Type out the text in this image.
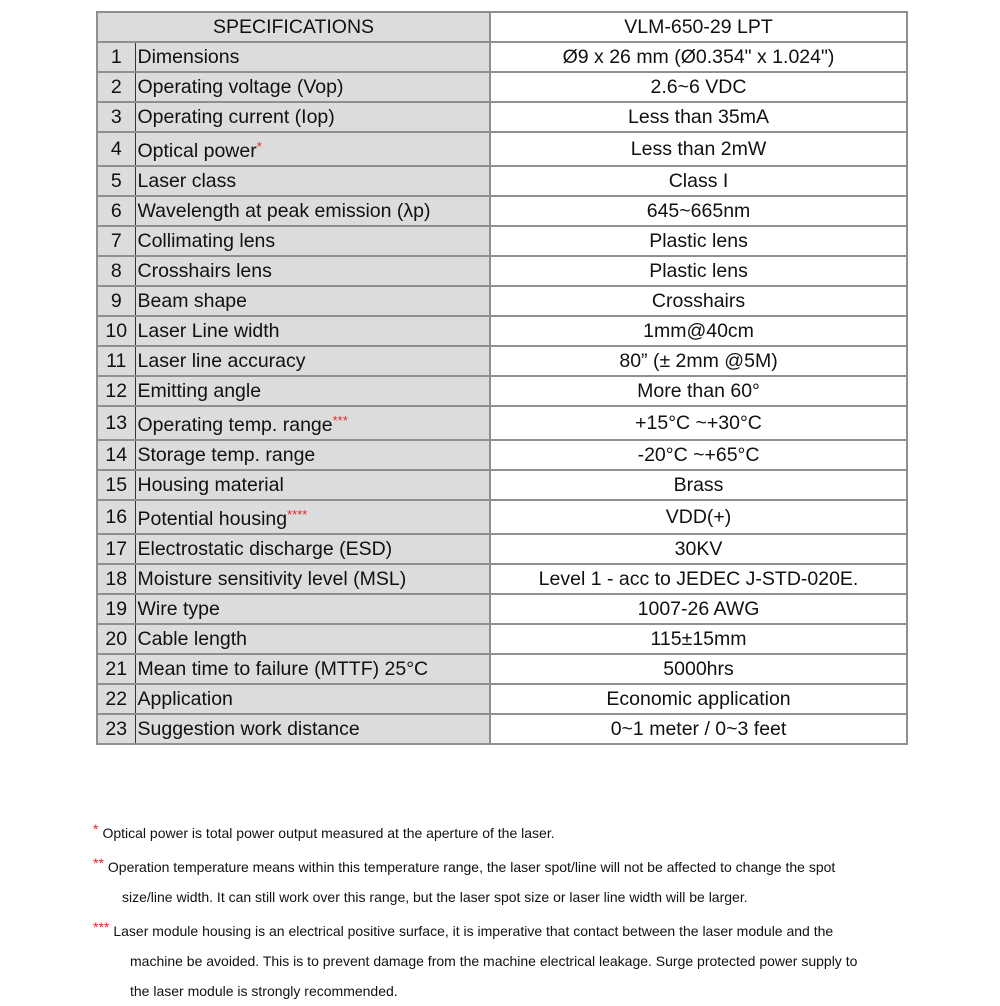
SPECIFICATIONS		VLM-650-29 LPT
1	Dimensions	Ø9 x 26 mm (Ø0.354" x 1.024")
2	Operating voltage (Vop)	2.6~6 VDC
3	Operating current (Iop)	Less than 35mA
4	Optical power*	Less than 2mW
5	Laser class	Class I
6	Wavelength at peak emission (λp)	645~665nm
7	Collimating lens	Plastic lens
8	Crosshairs lens	Plastic lens
9	Beam shape	Crosshairs
10	Laser Line width	1mm@40cm
11	Laser line accuracy	80” (± 2mm @5M)
12	Emitting angle	More than 60°
13	Operating temp. range***	+15°C ~+30°C
14	Storage temp. range	-20°C ~+65°C
15	Housing material	Brass
16	Potential housing****	VDD(+)
17	Electrostatic discharge (ESD)	30KV
18	Moisture sensitivity level (MSL)	Level 1 - acc to JEDEC J-STD-020E.
19	Wire type	1007-26 AWG
20	Cable length	115±15mm
21	Mean time to failure (MTTF) 25°C	5000hrs
22	Application	Economic application
23	Suggestion work distance	0~1 meter / 0~3 feet
* Optical power is total power output measured at the aperture of the laser.
** Operation temperature means within this temperature range, the laser spot/line will not be affected to change the spot
size/line width. It can still work over this range, but the laser spot size or laser line width will be larger.
*** Laser module housing is an electrical positive surface, it is imperative that contact between the laser module and the
machine be avoided. This is to prevent damage from the machine electrical leakage. Surge protected power supply to
the laser module is strongly recommended.
